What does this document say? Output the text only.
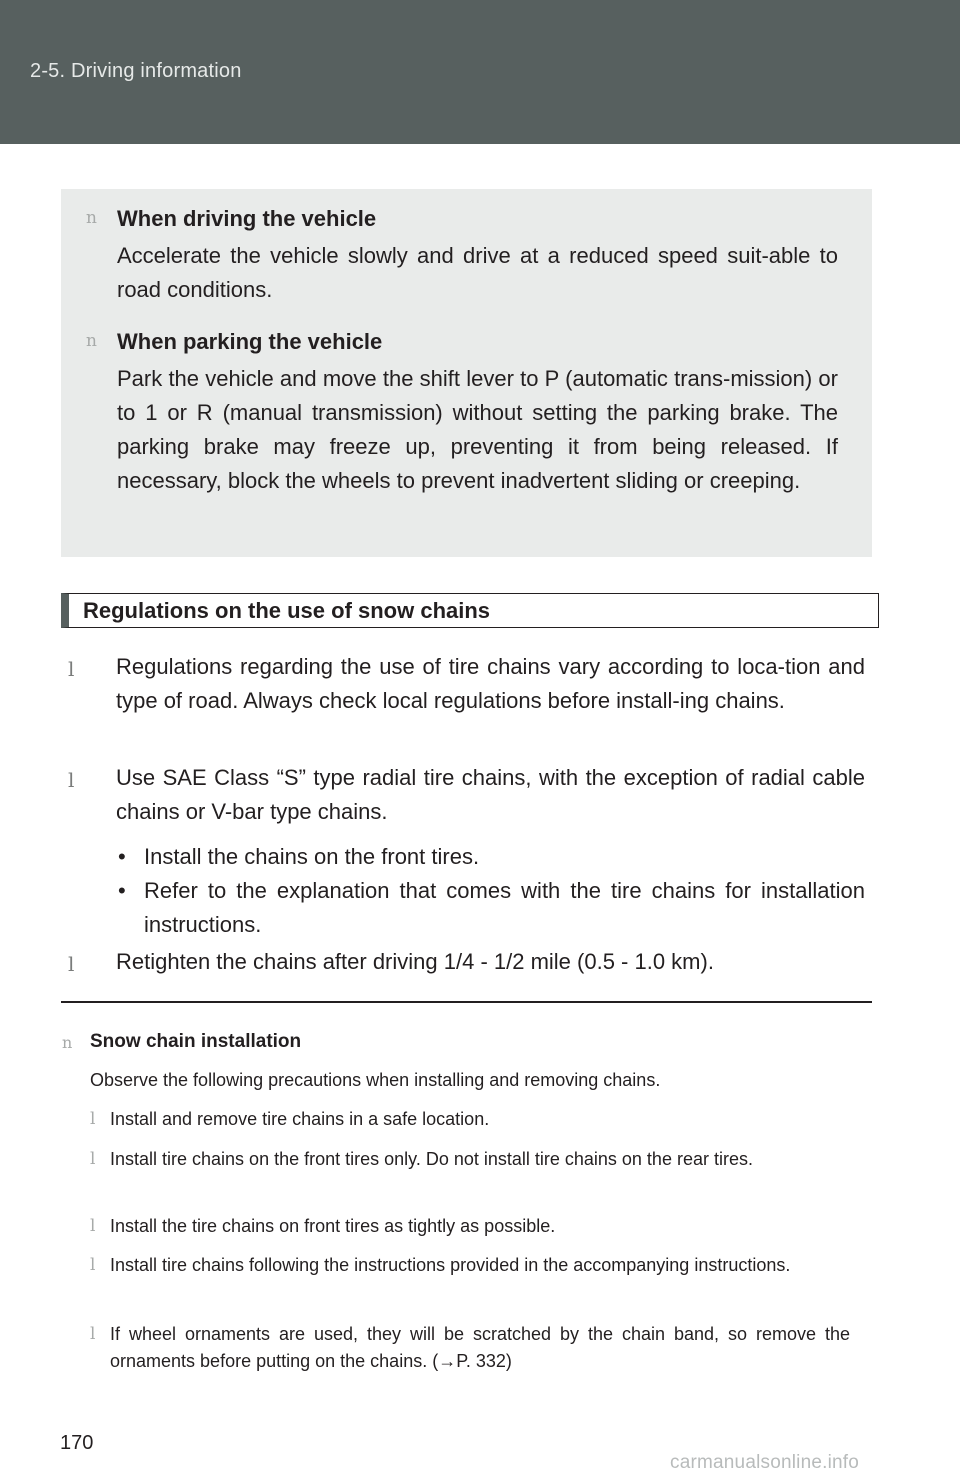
2-5. Driving information
n When driving the vehicle
Accelerate the vehicle slowly and drive at a reduced speed suit-able to road conditions.
n When parking the vehicle
Park the vehicle and move the shift lever to P (automatic trans-mission) or to 1 or R (manual transmission) without setting the parking brake. The parking brake may freeze up, preventing it from being released. If necessary, block the wheels to prevent inadvertent sliding or creeping.
Regulations on the use of snow chains
l Regulations regarding the use of tire chains vary according to loca-tion and type of road. Always check local regulations before install-ing chains.
l Use SAE Class “S” type radial tire chains, with the exception of radial cable chains or V-bar type chains.
• Install the chains on the front tires.
• Refer to the explanation that comes with the tire chains for installation instructions.
l Retighten the chains after driving 1/4 - 1/2 mile (0.5 - 1.0 km).
n Snow chain installation
Observe the following precautions when installing and removing chains.
l Install and remove tire chains in a safe location.
l Install tire chains on the front tires only. Do not install tire chains on the rear tires.
l Install the tire chains on front tires as tightly as possible.
l Install tire chains following the instructions provided in the accompanying instructions.
l If wheel ornaments are used, they will be scratched by the chain band, so remove the ornaments before putting on the chains. (→P. 332)
170
carmanualsonline.info
